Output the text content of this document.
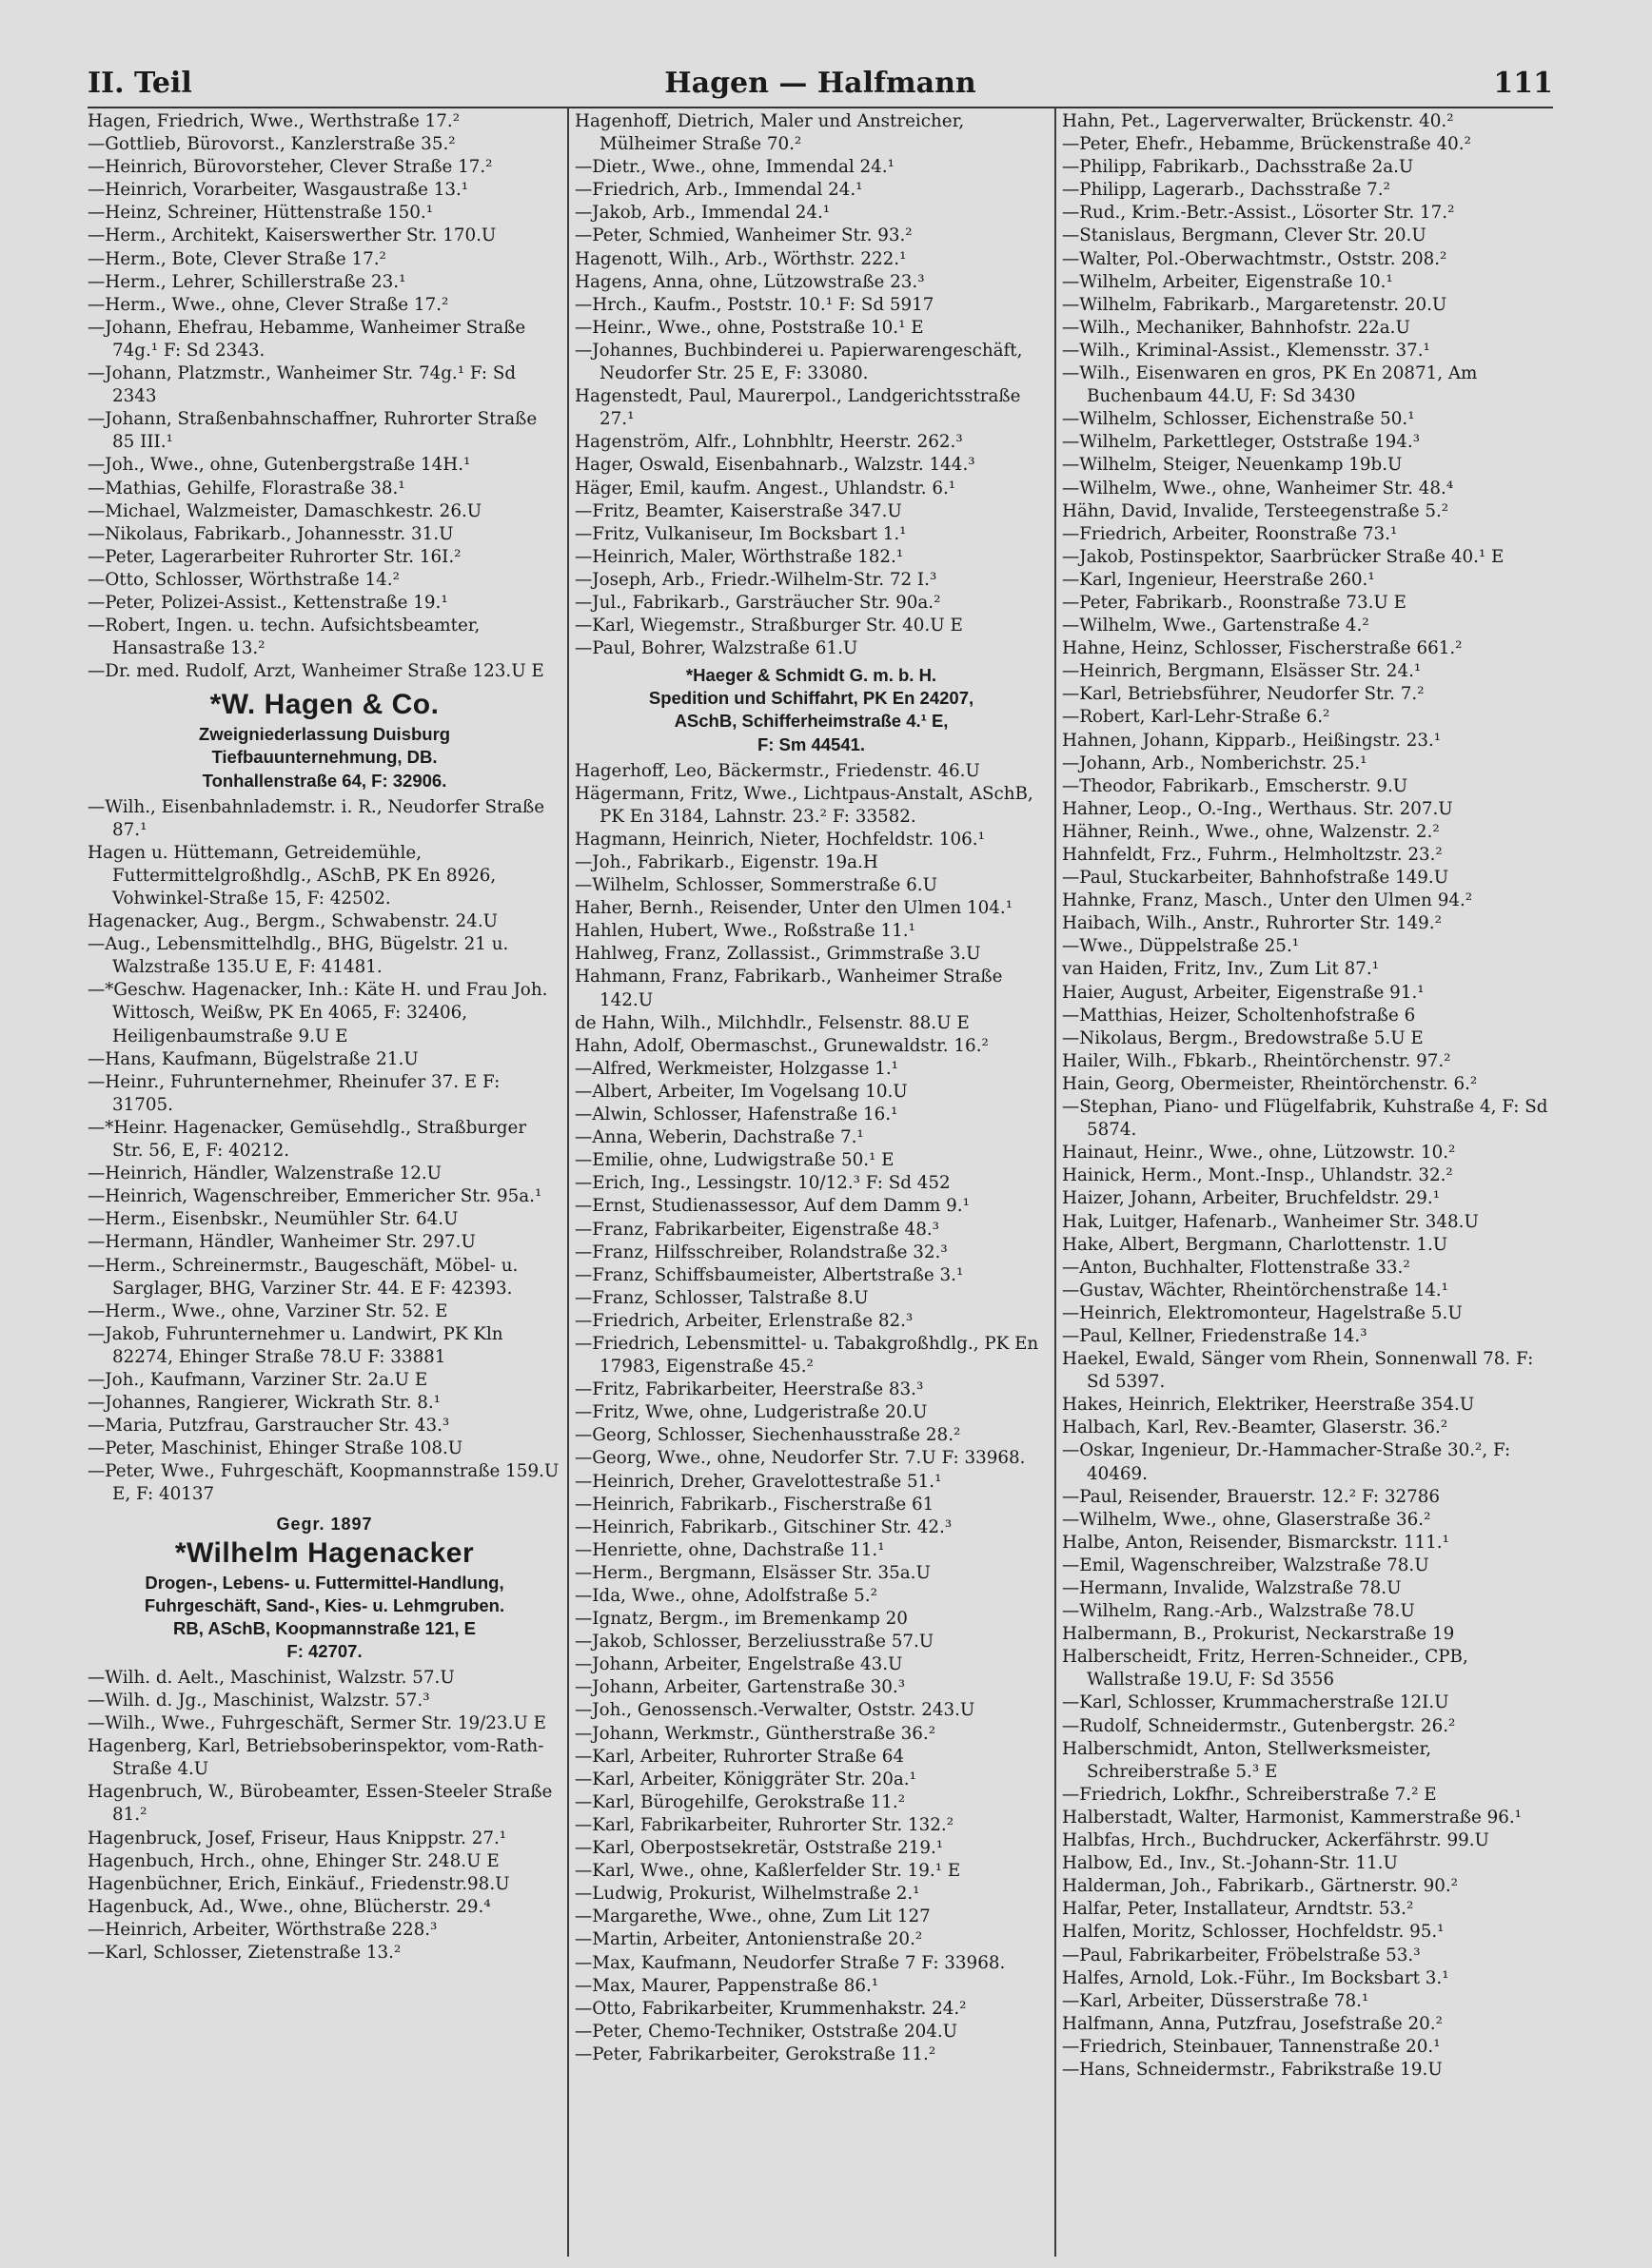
II. Teil	Hagen — Halfmann	111

Hagen, Friedrich, Wwe., Werthstraße 17.²

—Gottlieb, Bürovorst., Kanzlerstraße 35.²

—Heinrich, Bürovorsteher, Clever Straße 17.²

—Heinrich, Vorarbeiter, Wasgaustraße 13.¹

—Heinz, Schreiner, Hüttenstraße 150.¹

—Herm., Architekt, Kaiserswerther Str. 170.U

—Herm., Bote, Clever Straße 17.²

—Herm., Lehrer, Schillerstraße 23.¹

—Herm., Wwe., ohne, Clever Straße 17.²

—Johann, Ehefrau, Hebamme, Wanheimer Straße 74g.¹ F: Sd 2343.

—Johann, Platzmstr., Wanheimer Str. 74g.¹ F: Sd 2343

—Johann, Straßenbahnschaffner, Ruhrorter Straße 85 III.¹

—Joh., Wwe., ohne, Gutenbergstraße 14H.¹

—Mathias, Gehilfe, Florastraße 38.¹

—Michael, Walzmeister, Damaschkestr. 26.U

—Nikolaus, Fabrikarb., Johannesstr. 31.U

—Peter, Lagerarbeiter Ruhrorter Str. 16I.²

—Otto, Schlosser, Wörthstraße 14.²

—Peter, Polizei-Assist., Kettenstraße 19.¹

—Robert, Ingen. u. techn. Aufsichtsbeamter, Hansastraße 13.²

—Dr. med. Rudolf, Arzt, Wanheimer Straße 123.U E

*W. Hagen & Co.
Zweigniederlassung Duisburg
Tiefbauunternehmung, DB.
Tonhallenstraße 64, F: 32906.

—Wilh., Eisenbahnlademstr. i. R., Neudorfer Straße 87.¹

Hagen u. Hüttemann, Getreidemühle, Futtermittelgroßhdlg., ASchB, PK En 8926, Vohwinkel-Straße 15, F: 42502.

Hagenacker, Aug., Bergm., Schwabenstr. 24.U

—Aug., Lebensmittelhdlg., BHG, Bügelstr. 21 u. Walzstraße 135.U E, F: 41481.

—*Geschw. Hagenacker, Inh.: Käte H. und Frau Joh. Wittosch, Weißw, PK En 4065, F: 32406, Heiligenbaumstraße 9.U E

—Hans, Kaufmann, Bügelstraße 21.U

—Heinr., Fuhrunternehmer, Rheinufer 37. E F: 31705.

—*Heinr. Hagenacker, Gemüsehdlg., Straßburger Str. 56, E, F: 40212.

—Heinrich, Händler, Walzenstraße 12.U

—Heinrich, Wagenschreiber, Emmericher Str. 95a.¹

—Herm., Eisenbskr., Neumühler Str. 64.U

—Hermann, Händler, Wanheimer Str. 297.U

—Herm., Schreinermstr., Baugeschäft, Möbel- u. Sarglager, BHG, Varziner Str. 44. E F: 42393.

—Herm., Wwe., ohne, Varziner Str. 52. E

—Jakob, Fuhrunternehmer u. Landwirt, PK Kln 82274, Ehinger Straße 78.U F: 33881

—Joh., Kaufmann, Varziner Str. 2a.U E

—Johannes, Rangierer, Wickrath Str. 8.¹

—Maria, Putzfrau, Garstraucher Str. 43.³

—Peter, Maschinist, Ehinger Straße 108.U

—Peter, Wwe., Fuhrgeschäft, Koopmannstraße 159.U E, F: 40137

Gegr. 1897
*Wilhelm Hagenacker
Drogen-, Lebens- u. Futtermittel-Handlung, Fuhrgeschäft, Sand-, Kies- u. Lehmgruben.
RB, ASchB, Koopmannstraße 121, E
F: 42707.

—Wilh. d. Aelt., Maschinist, Walzstr. 57.U

—Wilh. d. Jg., Maschinist, Walzstr. 57.³

—Wilh., Wwe., Fuhrgeschäft, Sermer Str. 19/23.U E

Hagenberg, Karl, Betriebsoberinspektor, vom-Rath-Straße 4.U

Hagenbruch, W., Bürobeamter, Essen-Steeler Straße 81.²

Hagenbruck, Josef, Friseur, Haus Knippstr. 27.¹

Hagenbuch, Hrch., ohne, Ehinger Str. 248.U E

Hagenbüchner, Erich, Einkäuf., Friedenstr.98.U

Hagenbuck, Ad., Wwe., ohne, Blücherstr. 29.⁴

—Heinrich, Arbeiter, Wörthstraße 228.³

—Karl, Schlosser, Zietenstraße 13.²

Hagenhoff, Dietrich, Maler und Anstreicher, Mülheimer Straße 70.²

—Dietr., Wwe., ohne, Immendal 24.¹

—Friedrich, Arb., Immendal 24.¹

—Jakob, Arb., Immendal 24.¹

—Peter, Schmied, Wanheimer Str. 93.²

Hagenott, Wilh., Arb., Wörthstr. 222.¹

Hagens, Anna, ohne, Lützowstraße 23.³

—Hrch., Kaufm., Poststr. 10.¹ F: Sd 5917

—Heinr., Wwe., ohne, Poststraße 10.¹ E

—Johannes, Buchbinderei u. Papierwarengeschäft, Neudorfer Str. 25 E, F: 33080.

Hagenstedt, Paul, Maurerpol., Landgerichtsstraße 27.¹

Hagenström, Alfr., Lohnbhltr, Heerstr. 262.³

Hager, Oswald, Eisenbahnarb., Walzstr. 144.³

Häger, Emil, kaufm. Angest., Uhlandstr. 6.¹

—Fritz, Beamter, Kaiserstraße 347.U

—Fritz, Vulkaniseur, Im Bocksbart 1.¹

—Heinrich, Maler, Wörthstraße 182.¹

—Joseph, Arb., Friedr.-Wilhelm-Str. 72 I.³

—Jul., Fabrikarb., Garsträucher Str. 90a.²

—Karl, Wiegemstr., Straßburger Str. 40.U E

—Paul, Bohrer, Walzstraße 61.U

*Haeger & Schmidt G. m. b. H.
Spedition und Schiffahrt, PK En 24207,
ASchB, Schifferheimstraße 4.¹ E,
F: Sm 44541.

Hagerhoff, Leo, Bäckermstr., Friedenstr. 46.U

Hägermann, Fritz, Wwe., Lichtpaus-Anstalt, ASchB, PK En 3184, Lahnstr. 23.² F: 33582.

Hagmann, Heinrich, Nieter, Hochfeldstr. 106.¹

—Joh., Fabrikarb., Eigenstr. 19a.H

—Wilhelm, Schlosser, Sommerstraße 6.U

Haher, Bernh., Reisender, Unter den Ulmen 104.¹

Hahlen, Hubert, Wwe., Roßstraße 11.¹

Hahlweg, Franz, Zollassist., Grimmstraße 3.U

Hahmann, Franz, Fabrikarb., Wanheimer Straße 142.U

de Hahn, Wilh., Milchhdlr., Felsenstr. 88.U E

Hahn, Adolf, Obermaschst., Grunewaldstr. 16.²

—Alfred, Werkmeister, Holzgasse 1.¹

—Albert, Arbeiter, Im Vogelsang 10.U

—Alwin, Schlosser, Hafenstraße 16.¹

—Anna, Weberin, Dachstraße 7.¹

—Emilie, ohne, Ludwigstraße 50.¹ E

—Erich, Ing., Lessingstr. 10/12.³ F: Sd 452

—Ernst, Studienassessor, Auf dem Damm 9.¹

—Franz, Fabrikarbeiter, Eigenstraße 48.³

—Franz, Hilfsschreiber, Rolandstraße 32.³

—Franz, Schiffsbaumeister, Albertstraße 3.¹

—Franz, Schlosser, Talstraße 8.U

—Friedrich, Arbeiter, Erlenstraße 82.³

—Friedrich, Lebensmittel- u. Tabakgroßhdlg., PK En 17983, Eigenstraße 45.²

—Fritz, Fabrikarbeiter, Heerstraße 83.³

—Fritz, Wwe, ohne, Ludgeristraße 20.U

—Georg, Schlosser, Siechenhausstraße 28.²

—Georg, Wwe., ohne, Neudorfer Str. 7.U F: 33968.

—Heinrich, Dreher, Gravelottestraße 51.¹

—Heinrich, Fabrikarb., Fischerstraße 61

—Heinrich, Fabrikarb., Gitschiner Str. 42.³

—Henriette, ohne, Dachstraße 11.¹

—Herm., Bergmann, Elsässer Str. 35a.U

—Ida, Wwe., ohne, Adolfstraße 5.²

—Ignatz, Bergm., im Bremenkamp 20

—Jakob, Schlosser, Berzeliusstraße 57.U

—Johann, Arbeiter, Engelstraße 43.U

—Johann, Arbeiter, Gartenstraße 30.³

—Joh., Genossensch.-Verwalter, Oststr. 243.U

—Johann, Werkmstr., Güntherstraße 36.²

—Karl, Arbeiter, Ruhrorter Straße 64

—Karl, Arbeiter, Königgräter Str. 20a.¹

—Karl, Bürogehilfe, Gerokstraße 11.²

—Karl, Fabrikarbeiter, Ruhrorter Str. 132.²

—Karl, Oberpostsekretär, Oststraße 219.¹

—Karl, Wwe., ohne, Kaßlerfelder Str. 19.¹ E

—Ludwig, Prokurist, Wilhelmstraße 2.¹

—Margarethe, Wwe., ohne, Zum Lit 127

—Martin, Arbeiter, Antonienstraße 20.²

—Max, Kaufmann, Neudorfer Straße 7 F: 33968.

—Max, Maurer, Pappenstraße 86.¹

—Otto, Fabrikarbeiter, Krummenhakstr. 24.²

—Peter, Chemo-Techniker, Oststraße 204.U

—Peter, Fabrikarbeiter, Gerokstraße 11.²

Hahn, Pet., Lagerverwalter, Brückenstr. 40.²

—Peter, Ehefr., Hebamme, Brückenstraße 40.²

—Philipp, Fabrikarb., Dachsstraße 2a.U

—Philipp, Lagerarb., Dachsstraße 7.²

—Rud., Krim.-Betr.-Assist., Lösorter Str. 17.²

—Stanislaus, Bergmann, Clever Str. 20.U

—Walter, Pol.-Oberwachtmstr., Oststr. 208.²

—Wilhelm, Arbeiter, Eigenstraße 10.¹

—Wilhelm, Fabrikarb., Margaretenstr. 20.U

—Wilh., Mechaniker, Bahnhofstr. 22a.U

—Wilh., Kriminal-Assist., Klemensstr. 37.¹

—Wilh., Eisenwaren en gros, PK En 20871, Am Buchenbaum 44.U, F: Sd 3430

—Wilhelm, Schlosser, Eichenstraße 50.¹

—Wilhelm, Parkettleger, Oststraße 194.³

—Wilhelm, Steiger, Neuenkamp 19b.U

—Wilhelm, Wwe., ohne, Wanheimer Str. 48.⁴

Hähn, David, Invalide, Tersteegenstraße 5.²

—Friedrich, Arbeiter, Roonstraße 73.¹

—Jakob, Postinspektor, Saarbrücker Straße 40.¹ E

—Karl, Ingenieur, Heerstraße 260.¹

—Peter, Fabrikarb., Roonstraße 73.U E

—Wilhelm, Wwe., Gartenstraße 4.²

Hahne, Heinz, Schlosser, Fischerstraße 661.²

—Heinrich, Bergmann, Elsässer Str. 24.¹

—Karl, Betriebsführer, Neudorfer Str. 7.²

—Robert, Karl-Lehr-Straße 6.²

Hahnen, Johann, Kipparb., Heißingstr. 23.¹

—Johann, Arb., Nomberichstr. 25.¹

—Theodor, Fabrikarb., Emscherstr. 9.U

Hahner, Leop., O.-Ing., Werthaus. Str. 207.U

Hähner, Reinh., Wwe., ohne, Walzenstr. 2.²

Hahnfeldt, Frz., Fuhrm., Helmholtzstr. 23.²

—Paul, Stuckarbeiter, Bahnhofstraße 149.U

Hahnke, Franz, Masch., Unter den Ulmen 94.²

Haibach, Wilh., Anstr., Ruhrorter Str. 149.²

—Wwe., Düppelstraße 25.¹

van Haiden, Fritz, Inv., Zum Lit 87.¹

Haier, August, Arbeiter, Eigenstraße 91.¹

—Matthias, Heizer, Scholtenhofstraße 6

—Nikolaus, Bergm., Bredowstraße 5.U E

Hailer, Wilh., Fbkarb., Rheintörchenstr. 97.²

Hain, Georg, Obermeister, Rheintörchenstr. 6.²

—Stephan, Piano- und Flügelfabrik, Kuhstraße 4, F: Sd 5874.

Hainaut, Heinr., Wwe., ohne, Lützowstr. 10.²

Hainick, Herm., Mont.-Insp., Uhlandstr. 32.²

Haizer, Johann, Arbeiter, Bruchfeldstr. 29.¹

Hak, Luitger, Hafenarb., Wanheimer Str. 348.U

Hake, Albert, Bergmann, Charlottenstr. 1.U

—Anton, Buchhalter, Flottenstraße 33.²

—Gustav, Wächter, Rheintörchenstraße 14.¹

—Heinrich, Elektromonteur, Hagelstraße 5.U

—Paul, Kellner, Friedenstraße 14.³

Haekel, Ewald, Sänger vom Rhein, Sonnenwall 78. F: Sd 5397.

Hakes, Heinrich, Elektriker, Heerstraße 354.U

Halbach, Karl, Rev.-Beamter, Glaserstr. 36.²

—Oskar, Ingenieur, Dr.-Hammacher-Straße 30.², F: 40469.

—Paul, Reisender, Brauerstr. 12.² F: 32786

—Wilhelm, Wwe., ohne, Glaserstraße 36.²

Halbe, Anton, Reisender, Bismarckstr. 111.¹

—Emil, Wagenschreiber, Walzstraße 78.U

—Hermann, Invalide, Walzstraße 78.U

—Wilhelm, Rang.-Arb., Walzstraße 78.U

Halbermann, B., Prokurist, Neckarstraße 19

Halberscheidt, Fritz, Herren-Schneider., CPB, Wallstraße 19.U, F: Sd 3556

—Karl, Schlosser, Krummacherstraße 12I.U

—Rudolf, Schneidermstr., Gutenbergstr. 26.²

Halberschmidt, Anton, Stellwerksmeister, Schreiberstraße 5.³ E

—Friedrich, Lokfhr., Schreiberstraße 7.² E

Halberstadt, Walter, Harmonist, Kammerstraße 96.¹

Halbfas, Hrch., Buchdrucker, Ackerfährstr. 99.U

Halbow, Ed., Inv., St.-Johann-Str. 11.U

Halderman, Joh., Fabrikarb., Gärtnerstr. 90.²

Halfar, Peter, Installateur, Arndtstr. 53.²

Halfen, Moritz, Schlosser, Hochfeldstr. 95.¹

—Paul, Fabrikarbeiter, Fröbelstraße 53.³

Halfes, Arnold, Lok.-Führ., Im Bocksbart 3.¹

—Karl, Arbeiter, Düsserstraße 78.¹

Halfmann, Anna, Putzfrau, Josefstraße 20.²

—Friedrich, Steinbauer, Tannenstraße 20.¹

—Hans, Schneidermstr., Fabrikstraße 19.U
